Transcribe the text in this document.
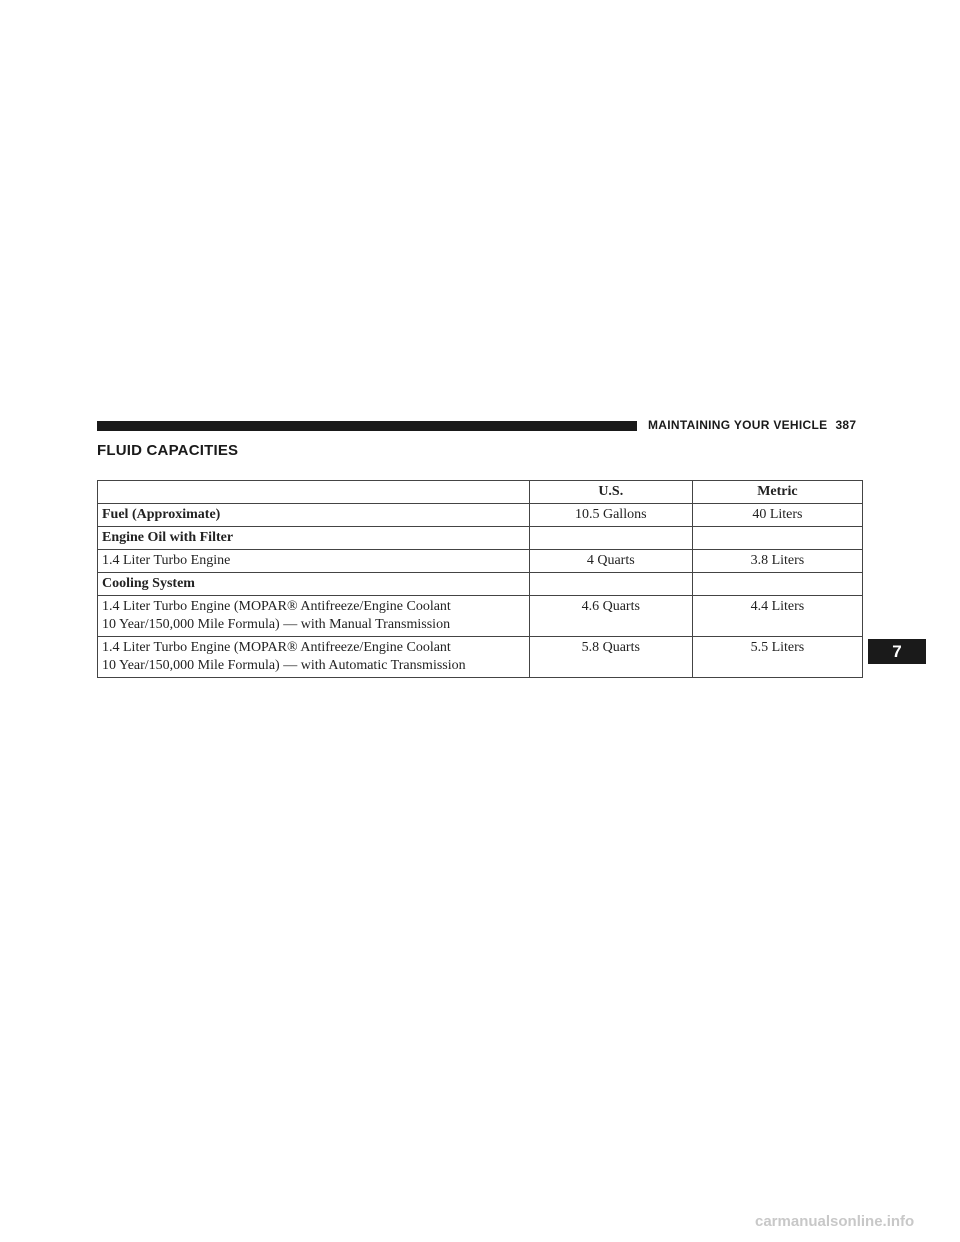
MAINTAINING YOUR VEHICLE 387
FLUID CAPACITIES
	U.S.	Metric
Fuel (Approximate)	10.5 Gallons	40 Liters
Engine Oil with Filter		
1.4 Liter Turbo Engine	4 Quarts	3.8 Liters
Cooling System		

1.4 Liter Turbo Engine (MOPAR® Antifreeze/Engine Coolant
10 Year/150,000 Mile Formula) — with Manual Transmission	4.6 Quarts	4.4 Liters

1.4 Liter Turbo Engine (MOPAR® Antifreeze/Engine Coolant
10 Year/150,000 Mile Formula) — with Automatic Transmission	5.8 Quarts	5.5 Liters	7
carmanualsonline.info
